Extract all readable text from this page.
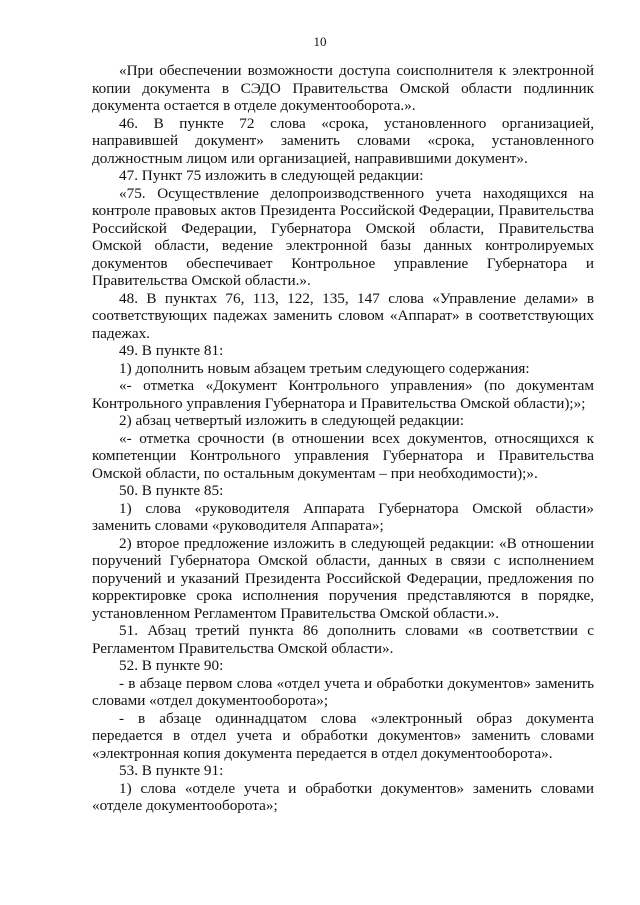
10

«При обеспечении возможности доступа соисполнителя к электронной копии документа в СЭДО Правительства Омской области подлинник документа остается в отделе документооборота.».

46. В пункте 72 слова «срока, установленного организацией, направившей документ» заменить словами «срока, установленного должностным лицом или организацией, направившими документ».

47. Пункт 75 изложить в следующей редакции:

«75. Осуществление делопроизводственного учета находящихся на контроле правовых актов Президента Российской Федерации, Правительства Российской Федерации, Губернатора Омской области, Правительства Омской области, ведение электронной базы данных контролируемых документов обеспечивает Контрольное управление Губернатора и Правительства Омской области.».

48. В пунктах 76, 113, 122, 135, 147 слова «Управление делами» в соответствующих падежах заменить словом «Аппарат» в соответствующих падежах.

49. В пункте 81:

1) дополнить новым абзацем третьим следующего содержания:

«- отметка «Документ Контрольного управления» (по документам Контрольного управления Губернатора и Правительства Омской области);»;

2) абзац четвертый изложить в следующей редакции:

«- отметка срочности (в отношении всех документов, относящихся к компетенции Контрольного управления Губернатора и Правительства Омской области, по остальным документам – при необходимости);».

50. В пункте 85:

1) слова «руководителя Аппарата Губернатора Омской области» заменить словами «руководителя Аппарата»;

2) второе предложение изложить в следующей редакции: «В отношении поручений Губернатора Омской области, данных в связи с исполнением поручений и указаний Президента Российской Федерации, предложения по корректировке срока исполнения поручения представляются в порядке, установленном Регламентом Правительства Омской области.».

51. Абзац третий пункта 86 дополнить словами «в соответствии с Регламентом Правительства Омской области».

52. В пункте 90:

- в абзаце первом слова «отдел учета и обработки документов» заменить словами «отдел документооборота»;

- в абзаце одиннадцатом слова «электронный образ документа передается в отдел учета и обработки документов» заменить словами «электронная копия документа передается в отдел документооборота».

53. В пункте 91:

1) слова «отделе учета и обработки документов» заменить словами «отделе документооборота»;
